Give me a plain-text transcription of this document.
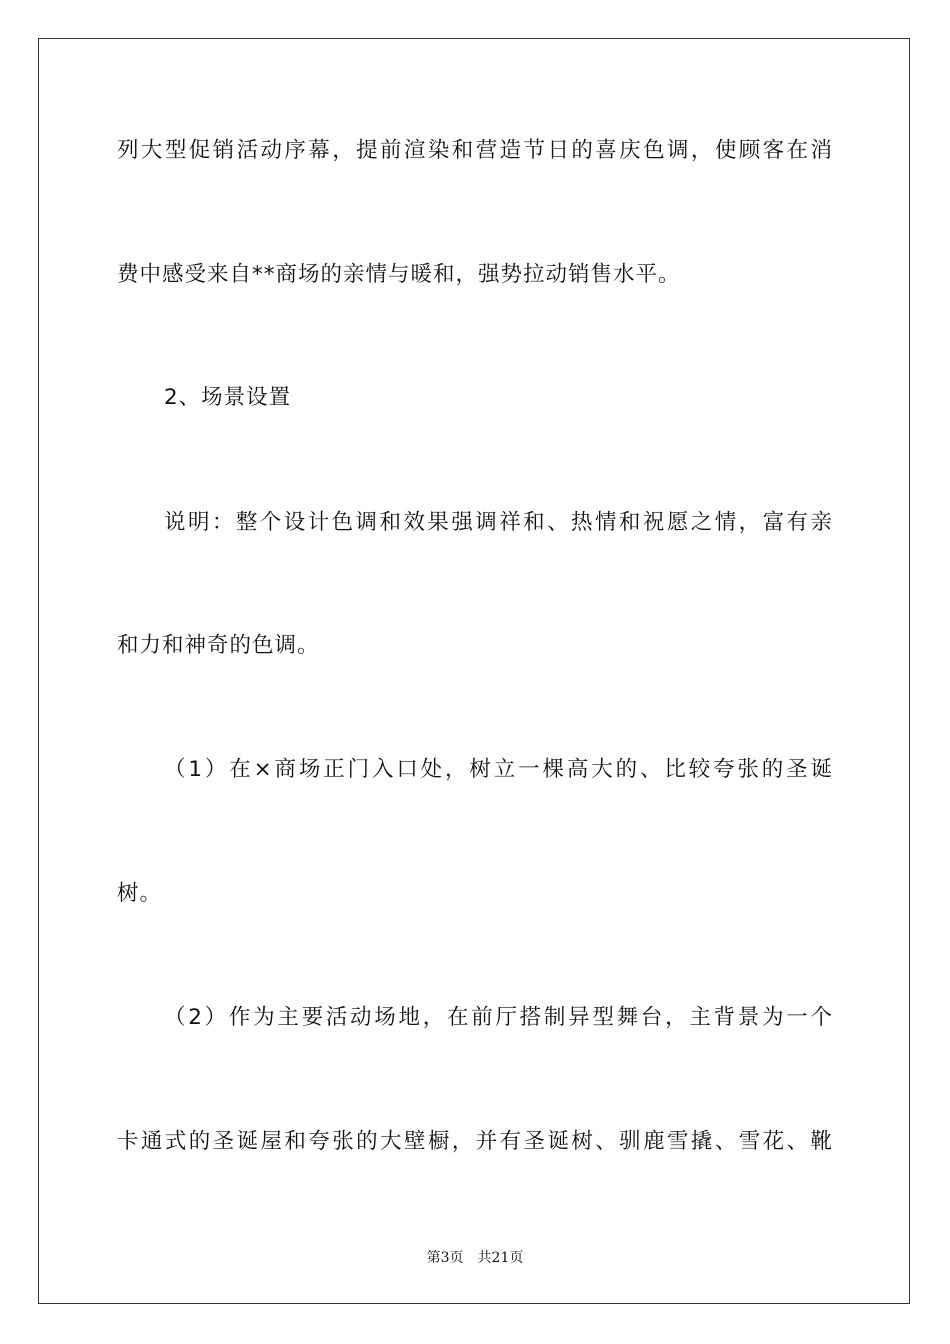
列大型促销活动序幕，提前渲染和营造节日的喜庆色调，使顾客在消
费中感受来自**商场的亲情与暖和，强势拉动销售水平。
2、场景设置
说明：整个设计色调和效果强调祥和、热情和祝愿之情，富有亲
和力和神奇的色调。
（1）在×商场正门入口处，树立一棵高大的、比较夸张的圣诞
树。
（2）作为主要活动场地，在前厅搭制异型舞台，主背景为一个
卡通式的圣诞屋和夸张的大壁橱，并有圣诞树、驯鹿雪撬、雪花、靴
第3页 共21页
